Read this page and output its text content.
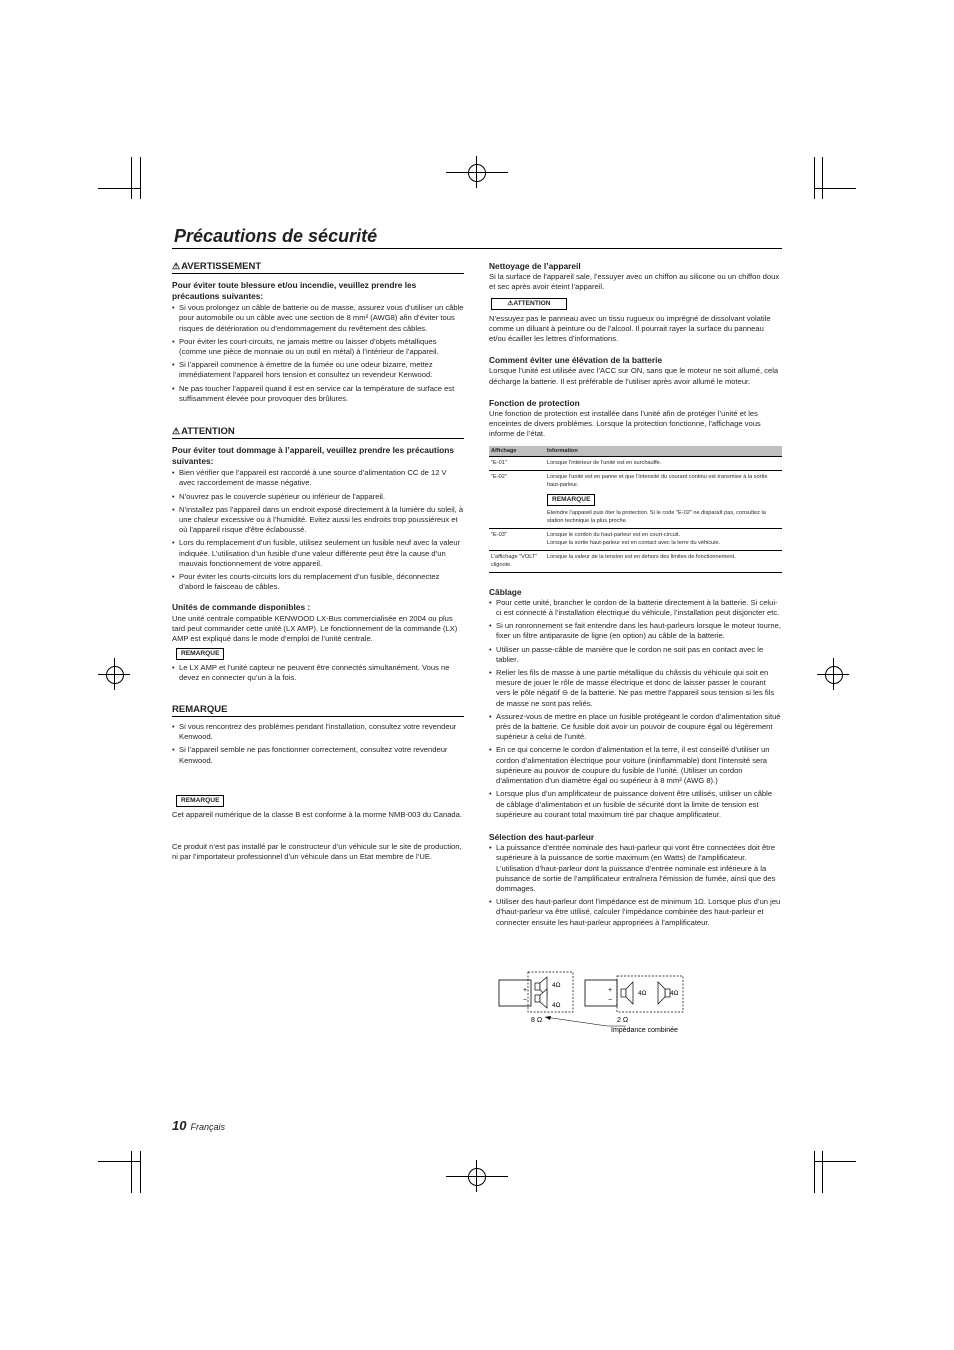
Précautions de sécurité
⚠AVERTISSEMENT
Pour éviter toute blessure et/ou incendie, veuillez prendre les précautions suivantes:
• Si vous prolongez un câble de batterie ou de masse, assurez vous d’utiliser un câble pour automobile ou un câble avec une section de 8 mm² (AWG8) afin d’éviter tous risques de détérioration ou d’endommagement du revêtement des câbles.
• Pour éviter les court-circuits, ne jamais mettre ou laisser d’objets métalliques (comme une pièce de monnaie ou un outil en métal) à l’intérieur de l’appareil.
• Si l’appareil commence à émettre de la fumée ou une odeur bizarre, mettez immédiatement l’appareil hors tension et consultez un revendeur Kenwood.
• Ne pas toucher l’appareil quand il est en service car la température de surface est suffisamment élevée pour provoquer des brûlures.
⚠ATTENTION
Pour éviter tout dommage à l’appareil, veuillez prendre les précautions suivantes:
• Bien vérifier que l’appareil est raccordé à une source d’alimentation CC de 12 V avec raccordement de masse négative.
• N’ouvrez pas le couvercle supérieur ou inférieur de l’appareil.
• N’installez pas l’appareil dans un endroit exposé directement à la lumière du soleil, à une chaleur excessive ou à l’humidité. Evitez aussi les endroits trop poussiéreux et où l’appareil risque d’être éclaboussé.
• Lors du remplacement d’un fusible, utilisez seulement un fusible neuf avec la valeur indiquée. L’utilisation d’un fusible d’une valeur différente peut être la cause d’un mauvais fonctionnement de votre appareil.
• Pour éviter les courts-circuits lors du remplacement d’un fusible, déconnectez d’abord le faisceau de câbles.
Unités de commande disponibles :

Une unité centrale compatible KENWOOD LX-Bus commercialisée en 2004 ou plus tard peut commander cette unité (LX AMP). Le fonctionnement de la commande (LX) AMP est expliqué dans le mode d’emploi de l’unité centrale.

REMARQUE
• Le LX AMP et l’unité capteur ne peuvent être connectés simultanément. Vous ne devez en connecter qu’un à la fois.
REMARQUE
• Si vous rencontrez des problèmes pendant l’installation, consultez votre revendeur Kenwood.
• Si l’appareil semble ne pas fonctionner correctement, consultez votre revendeur Kenwood.
REMARQUE

Cet appareil numérique de la classe B est conforme à la morme NMB-003 du Canada.

Ce produit n’est pas installé par le constructeur d’un véhicule sur le site de production, ni par l’importateur professionnel d’un véhicule dans un Etat membre de l’UE.

Nettoyage de l’appareil

Si la surface de l’appareil sale, l’essuyer avec un chiffon au silicone ou un chiffon doux et sec après avoir éteint l’appareil.

⚠ATTENTION

N’essuyez pas le panneau avec un tissu rugueux ou imprégné de dissolvant volatile comme un diluant à peinture ou de l’alcool. Il pourrait rayer la surface du panneau et/ou écailler les lettres d’informations.

Comment éviter une élévation de la batterie

Lorsque l’unité est utilisée avec l’ACC sur ON, sans que le moteur ne soit allumé, cela décharge la batterie. Il est préférable de l’utiliser après avoir allumé le moteur.

Fonction de protection

Une fonction de protection est installée dans l’unité afin de protéger l’unité et les enceintes de divers problèmes. Lorsque la protection fonctionne, l’affichage vous informe de l’état.

Affichage	Information
"E-01"	Lorsque l’intérieur de l’unité est en surchauffe.
"E-02"	Lorsque l’unité est en panne et que l’intensité du courant continu est transmise à la sortie haut-parleur.
REMARQUE
Eteindre l’appareil puis ôter la protection. Si le code "E-02" ne disparaît pas, consultez la station technique la plus proche.

"E-03"	Lorsque le cordon du haut-parleur est en court-circuit.
Lorsque la sortie haut-parleur est en contact avec la terre du véhicule.

L’affichage "VOLT" clignote.	Lorsque la valeur de la tension est en dehors des limites de fonctionnement.
Câblage
• Pour cette unité, brancher le cordon de la batterie directement à la batterie. Si celui-ci est connecté à l’installation électrique du véhicule, l’installation peut disjoncter etc.
• Si un ronronnement se fait entendre dans les haut-parleurs lorsque le moteur tourne, fixer un filtre antiparasite de ligne (en option) au câble de la batterie.
• Utiliser un passe-câble de manière que le cordon ne soit pas en contact avec le tablier.
• Relier les fils de masse à une partie métallique du châssis du véhicule qui soit en mesure de jouer le rôle de masse électrique et donc de laisser passer le courant vers le pôle négatif ⊖ de la batterie. Ne pas mettre l’appareil sous tension si les fils de masse ne sont pas reliés.
• Assurez-vous de mettre en place un fusible protégeant le cordon d’alimentation situé près de la batterie. Ce fusible doit avoir un pouvoir de coupure égal ou légèrement supérieur à celui de l’unité.
• En ce qui concerne le cordon d’alimentation et la terre, il est conseillé d’utiliser un cordon d’alimentation électrique pour voiture (ininflammable) dont l’intensité sera supérieure au pouvoir de coupure du fusible de l’unité. (Utiliser un cordon d’alimentation d’un diamètre égal ou supérieur à 8 mm² (AWG 8).)
• Lorsque plus d’un amplificateur de puissance doivent être utilisés, utiliser un câble de câblage d’alimentation et un fusible de sécurité dont la limite de tension est supérieure au courant total maximum tiré par chaque amplificateur.
Sélection des haut-parleur
• La puissance d’entrée nominale des haut-parleur qui vont être connectées doit être supérieure à la puissance de sortie maximum (en Watts) de l’amplificateur. L’utilisation d’haut-parleur dont la puissance d’entrée nominale est inférieure à la puissance de sortie de l’amplificateur entraînera l’émission de fumée, ainsi que des dommages.
• Utiliser des haut-parleur dont l’impédance est de minimum 1Ω. Lorsque plus d’un jeu d’haut-parleur va être utilisé, calculer l’impédance combinée des haut-parleur et connecter ensuite les haut-parleur appropriées à l’amplificateur.
+
−
4Ω
4Ω
8 Ω
+
−
4Ω	4Ω
2 Ω
Impédance combinée
10 Français
